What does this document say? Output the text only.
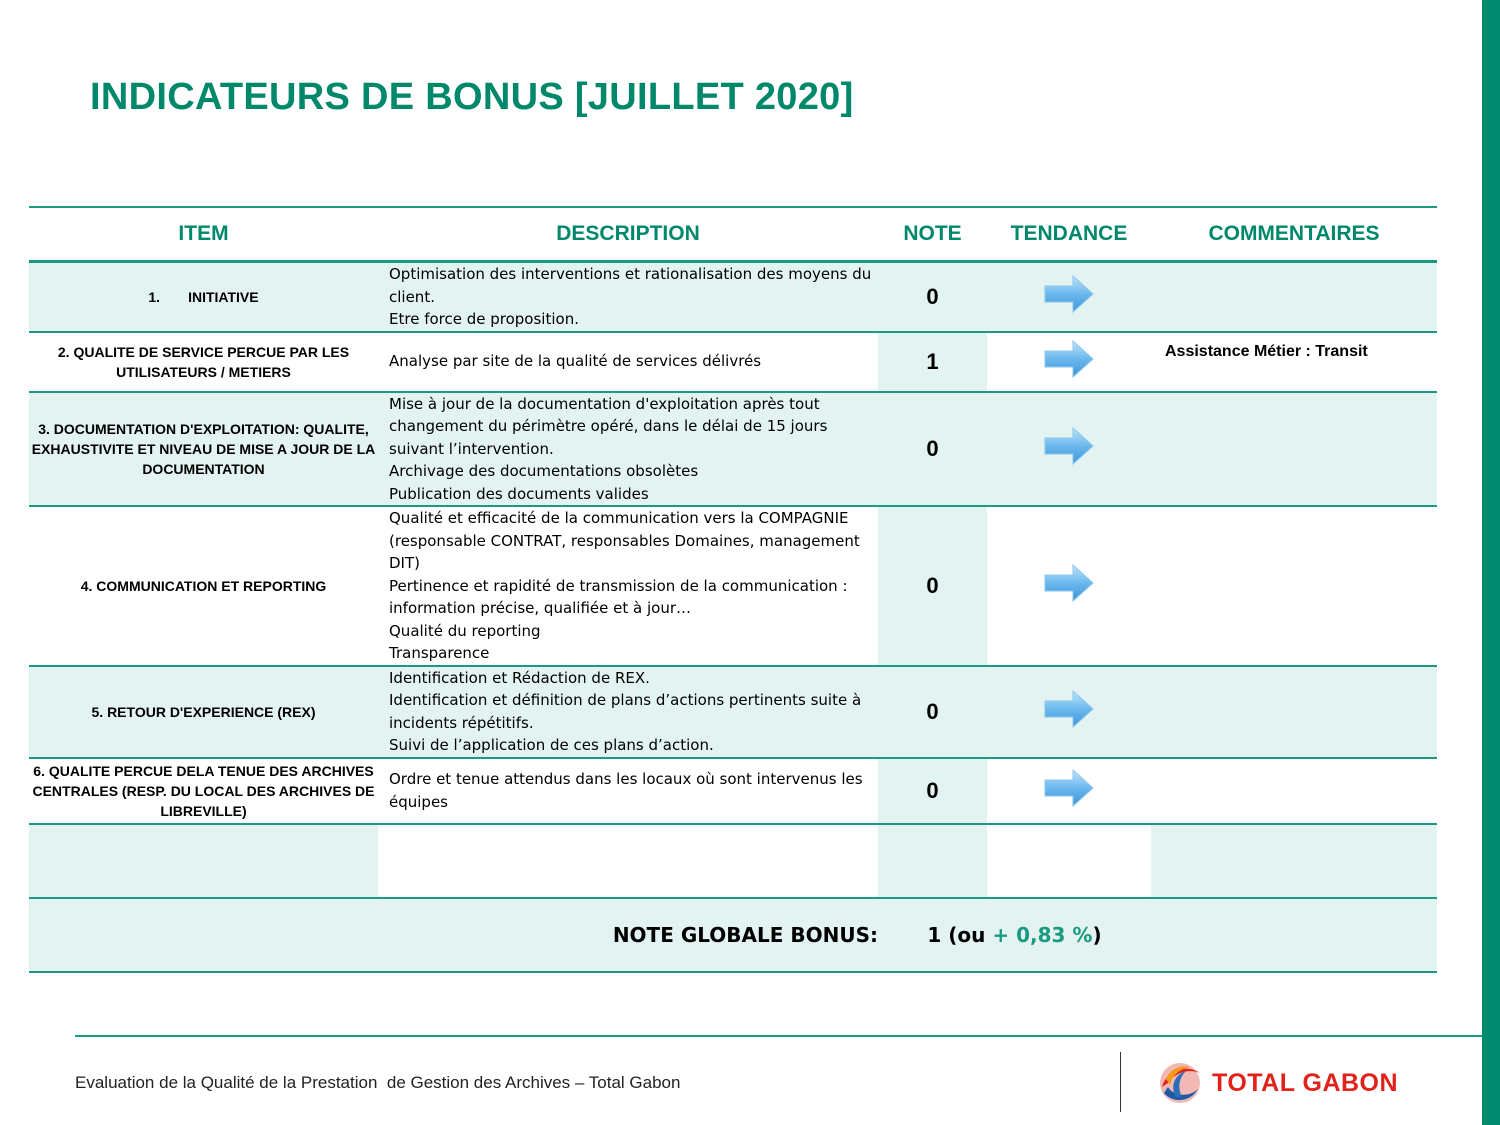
INDICATEURS DE BONUS [JUILLET 2020]
ITEM	DESCRIPTION	NOTE	TENDANCE	COMMENTAIRES
1. INITIATIVE	Optimisation des interventions et rationalisation des moyens du client.
Etre force de proposition.	0		

2. QUALITE DE SERVICE PERCUE PAR LES UTILISATEURS / METIERS	Analyse par site de la qualité de services délivrés	1		Assistance Métier : Transit

3. DOCUMENTATION D'EXPLOITATION: QUALITE, EXHAUSTIVITE ET NIVEAU DE MISE A JOUR DE LA DOCUMENTATION	Mise à jour de la documentation d'exploitation après tout changement du périmètre opéré, dans le délai de 15 jours suivant l’intervention.
Archivage des documentations obsolètes
Publication des documents valides	0		

4. COMMUNICATION ET REPORTING	Qualité et efficacité de la communication vers la COMPAGNIE (responsable CONTRAT, responsables Domaines, management DIT)
Pertinence et rapidité de transmission de la communication : information précise, qualifiée et à jour…
Qualité du reporting
Transparence	0		

5. RETOUR D'EXPERIENCE (REX)	Identification et Rédaction de REX.
Identification et définition de plans d’actions pertinents suite à incidents répétitifs.
Suivi de l’application de ces plans d’action.	0		

6. QUALITE PERCUE DELA TENUE DES ARCHIVES CENTRALES (RESP. DU LOCAL DES ARCHIVES DE LIBREVILLE)	Ordre et tenue attendus dans les locaux où sont intervenus les équipes	0		

NOTE GLOBALE BONUS:		1 (ou + 0,83 %)		
Evaluation de la Qualité de la Prestation  de Gestion des Archives – Total Gabon	TOTAL GABON
